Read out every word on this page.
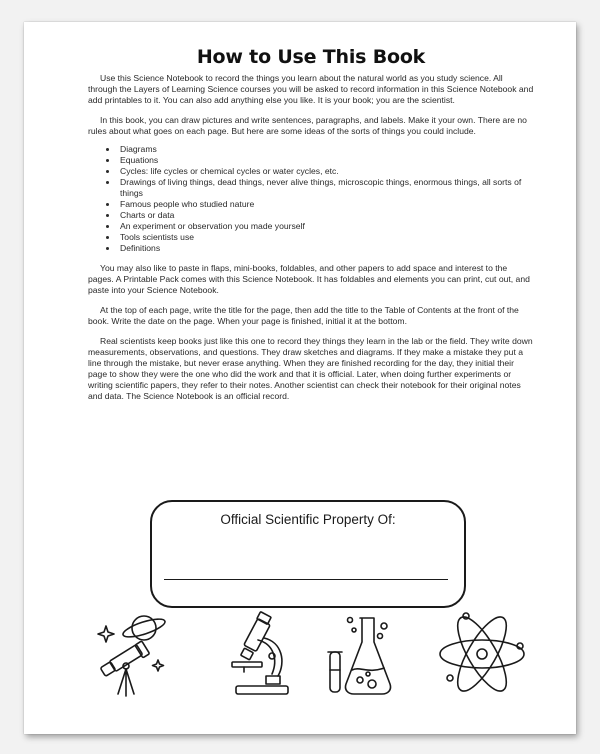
How to Use This Book

Use this Science Notebook to record the things you learn about the natural world as you study science. All through the Layers of Learning Science courses you will be asked to record information in this Science Notebook and add printables to it. You can also add anything else you like. It is your book; you are the scientist.

In this book, you can draw pictures and write sentences, paragraphs, and labels. Make it your own. There are no rules about what goes on each page. But here are some ideas of the sorts of things you could include.

• Diagrams
• Equations
• Cycles: life cycles or chemical cycles or water cycles, etc.
• Drawings of living things, dead things, never alive things, microscopic things, enormous things, all sorts of things
• Famous people who studied nature
• Charts or data
• An experiment or observation you made yourself
• Tools scientists use
• Definitions

You may also like to paste in flaps, mini-books, foldables, and other papers to add space and interest to the pages. A Printable Pack comes with this Science Notebook. It has foldables and elements you can print, cut out, and paste into your Science Notebook.

At the top of each page, write the title for the page, then add the title to the Table of Contents at the front of the book. Write the date on the page. When your page is finished, initial it at the bottom.

Real scientists keep books just like this one to record they things they learn in the lab or the field. They write down measurements, observations, and questions. They draw sketches and diagrams. If they make a mistake they put a line through the mistake, but never erase anything. When they are finished recording for the day, they initial their page to show they were the one who did the work and that it is official. Later, when doing further experiments or writing scientific papers, they refer to their notes. Another scientist can check their notebook for their original notes and data. The Science Notebook is an official record.

Official Scientific Property Of:
